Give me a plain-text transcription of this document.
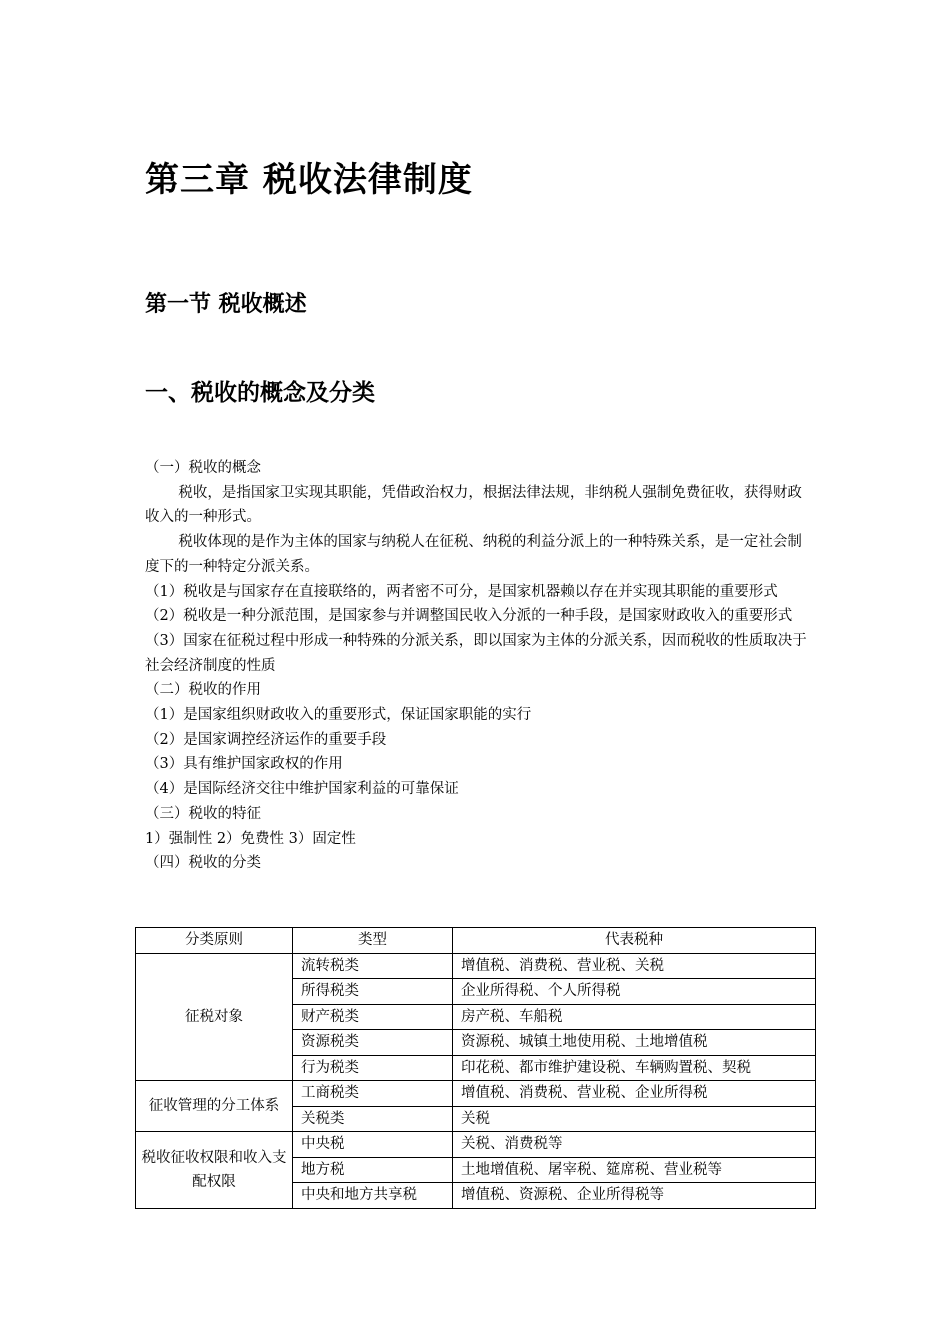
第三章 税收法律制度
第一节 税收概述
一、税收的概念及分类

（一）税收的概念

税收，是指国家卫实现其职能，凭借政治权力，根据法律法规，非纳税人强制免费征收，获得财政收入的一种形式。

税收体现的是作为主体的国家与纳税人在征税、纳税的利益分派上的一种特殊关系，是一定社会制度下的一种特定分派关系。

（1）税收是与国家存在直接联络的，两者密不可分，是国家机器赖以存在并实现其职能的重要形式

（2）税收是一种分派范围，是国家参与并调整国民收入分派的一种手段，是国家财政收入的重要形式

（3）国家在征税过程中形成一种特殊的分派关系，即以国家为主体的分派关系，因而税收的性质取决于社会经济制度的性质

（二）税收的作用

（1）是国家组织财政收入的重要形式，保证国家职能的实行

（2）是国家调控经济运作的重要手段

（3）具有维护国家政权的作用

（4）是国际经济交往中维护国家利益的可靠保证

（三）税收的特征

1）强制性 2）免费性 3）固定性

（四）税收的分类

分类原则	类型	代表税种
征税对象	流转税类	增值税、消费税、营业税、关税
	所得税类	企业所得税、个人所得税
	财产税类	房产税、车船税
	资源税类	资源税、城镇土地使用税、土地增值税
	行为税类	印花税、都市维护建设税、车辆购置税、契税
征收管理的分工体系	工商税类	增值税、消费税、营业税、企业所得税
	关税类	关税
税收征收权限和收入支配权限	中央税	关税、消费税等
	地方税	土地增值税、屠宰税、筵席税、营业税等
	中央和地方共享税	增值税、资源税、企业所得税等
